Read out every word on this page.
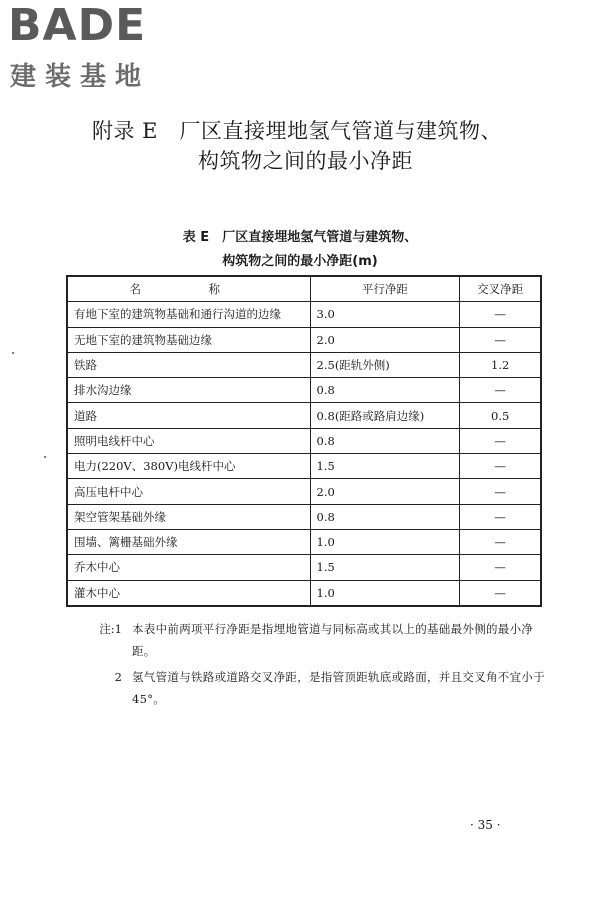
BADE
建装基地
附录 E　厂区直接埋地氢气管道与建筑物、
构筑物之间的最小净距
表 E　厂区直接埋地氢气管道与建筑物、
构筑物之间的最小净距(m)
名　称	平行净距	交叉净距
有地下室的建筑物基础和通行沟道的边缘	3.0	—
无地下室的建筑物基础边缘	2.0	—
铁路	2.5(距轨外侧)	1.2
排水沟边缘	0.8	—
道路	0.8(距路或路肩边缘)	0.5
照明电线杆中心	0.8	—
电力(220V、380V)电线杆中心	1.5	—
高压电杆中心	2.0	—
架空管架基础外缘	0.8	—
围墙、篱栅基础外缘	1.0	—
乔木中心	1.5	—
灌木中心	1.0	—
注:1 本表中前两项平行净距是指埋地管道与同标高或其以上的基础最外侧的最小净距。
2 氢气管道与铁路或道路交叉净距，是指管顶距轨底或路面，并且交叉角不宜小于 45°。
· 35 ·
